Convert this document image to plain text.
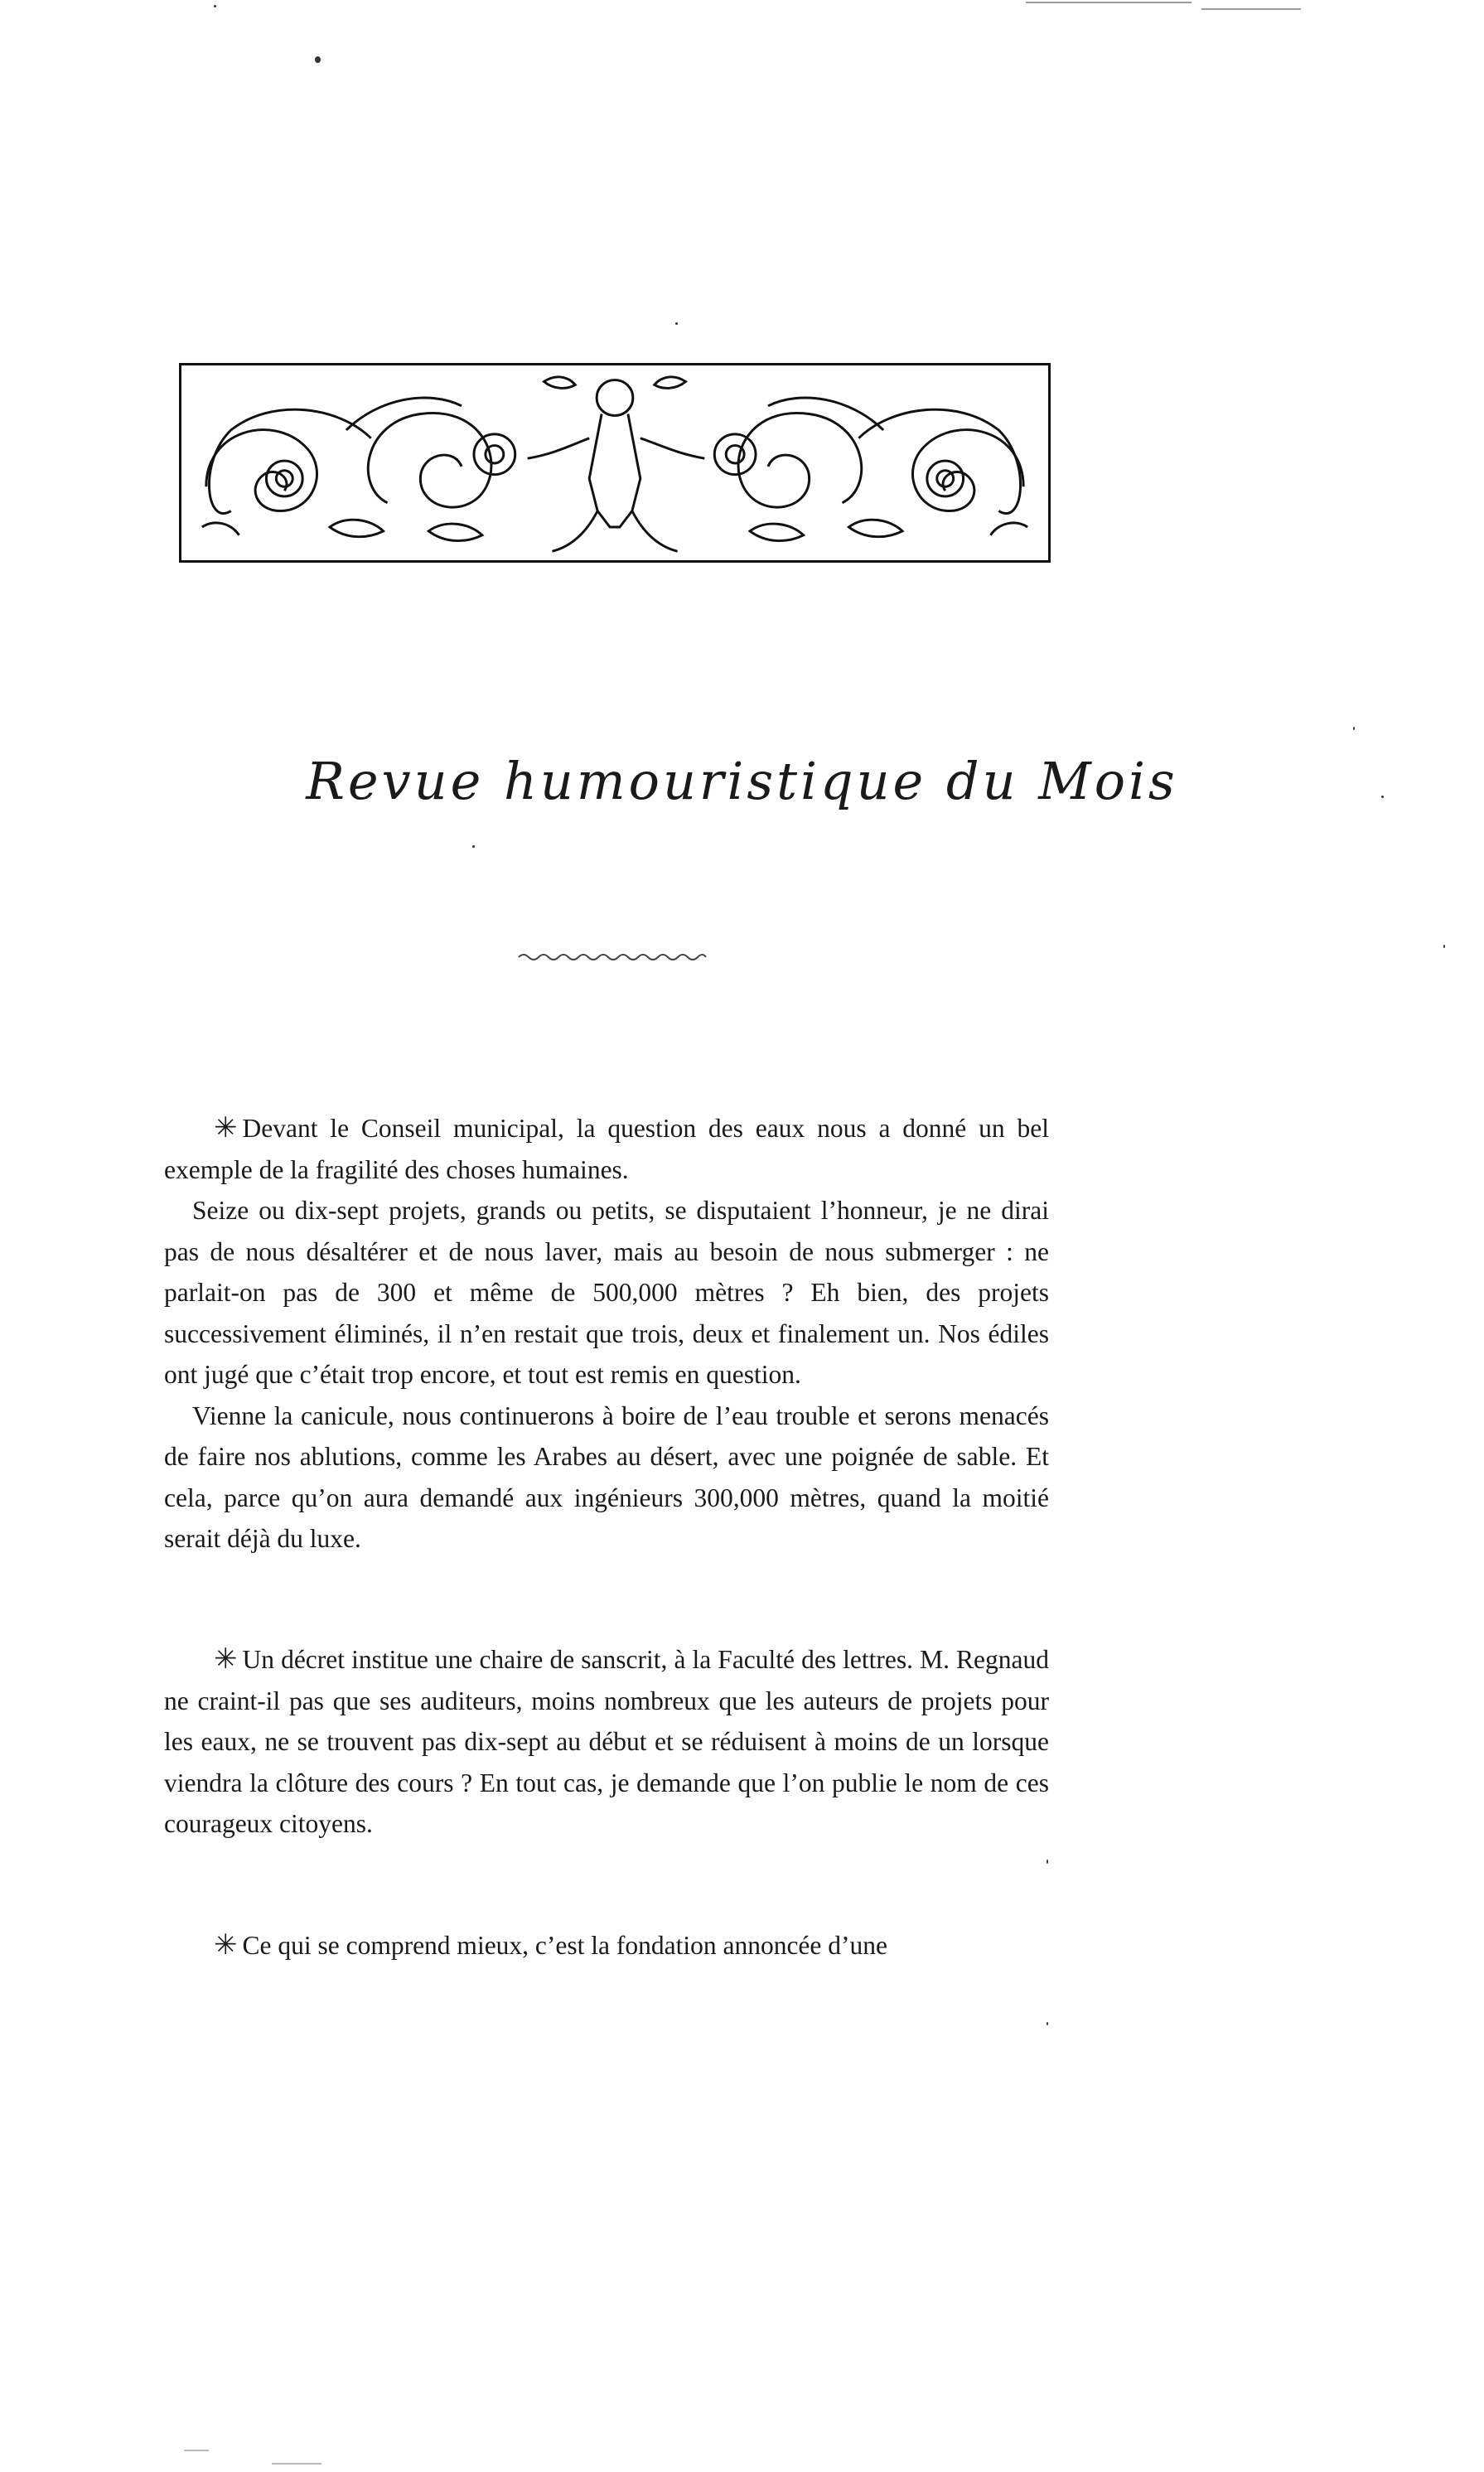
Revue humouristique du Mois

✳ Devant le Conseil municipal, la question des eaux nous a donné un bel exemple de la fragilité des choses humaines.

Seize ou dix-sept projets, grands ou petits, se disputaient l’honneur, je ne dirai pas de nous désaltérer et de nous laver, mais au besoin de nous submerger : ne parlait-on pas de 300 et même de 500,000 mètres ? Eh bien, des projets successivement éliminés, il n’en restait que trois, deux et finalement un. Nos édiles ont jugé que c’était trop encore, et tout est remis en question.

Vienne la canicule, nous continuerons à boire de l’eau trouble et serons menacés de faire nos ablutions, comme les Arabes au désert, avec une poignée de sable. Et cela, parce qu’on aura demandé aux ingénieurs 300,000 mètres, quand la moitié serait déjà du luxe.

✳ Un décret institue une chaire de sanscrit, à la Faculté des lettres. M. Regnaud ne craint-il pas que ses auditeurs, moins nombreux que les auteurs de projets pour les eaux, ne se trouvent pas dix-sept au début et se réduisent à moins de un lorsque viendra la clôture des cours ? En tout cas, je demande que l’on publie le nom de ces courageux citoyens.

✳ Ce qui se comprend mieux, c’est la fondation annoncée d’une
